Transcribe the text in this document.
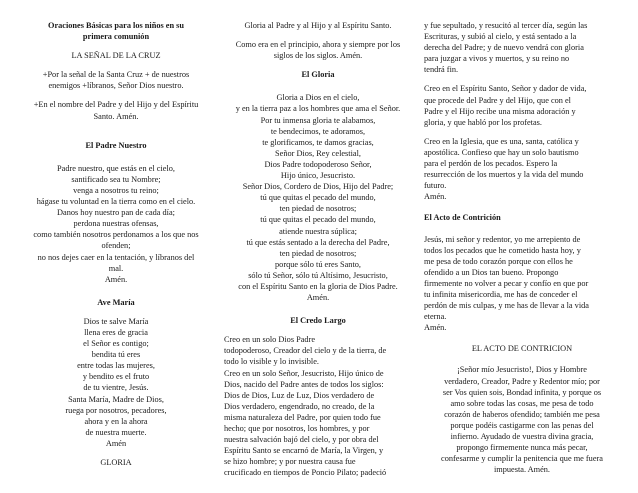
Oraciones Básicas para los niños en su
primera comunión
LA SEÑAL DE LA CRUZ
+Por la señal de la Santa Cruz + de nuestros
enemigos +líbranos, Señor Dios nuestro.
+En el nombre del Padre y del Hijo y del Espíritu
Santo. Amén.
El Padre Nuestro
Padre nuestro, que estás en el cielo,
santificado sea tu Nombre;
venga a nosotros tu reino;
hágase tu voluntad en la tierra como en el cielo.
Danos hoy nuestro pan de cada día;
perdona nuestras ofensas,
como también nosotros perdonamos a los que nos
ofenden;
no nos dejes caer en la tentación, y líbranos del
mal.
Amén.
Ave María
Dios te salve María
llena eres de gracia
el Señor es contigo;
bendita tú eres
entre todas las mujeres,
y bendito es el fruto
de tu vientre, Jesús.
Santa María, Madre de Dios,
ruega por nosotros, pecadores,
ahora y en la ahora
de nuestra muerte.
Amén
GLORIA
Gloria al Padre y al Hijo y al Espíritu Santo.
Como era en el principio, ahora y siempre por los
siglos de los siglos. Amén.
El Gloria
Gloria a Dios en el cielo,
y en la tierra paz a los hombres que ama el Señor.
Por tu inmensa gloria te alabamos,
te bendecimos, te adoramos,
te glorificamos, te damos gracias,
Señor Dios, Rey celestial,
Dios Padre todopoderoso Señor,
Hijo único, Jesucristo.
Señor Dios, Cordero de Dios, Hijo del Padre;
tú que quitas el pecado del mundo,
ten piedad de nosotros;
tú que quitas el pecado del mundo,
atiende nuestra súplica;
tú que estás sentado a la derecha del Padre,
ten piedad de nosotros;
porque sólo tú eres Santo,
sólo tú Señor, sólo tú Altísimo, Jesucristo,
con el Espíritu Santo en la gloria de Dios Padre.
Amén.
El Credo Largo
Creo en un solo Dios Padre
todopoderoso, Creador del cielo y de la tierra, de
todo lo visible y lo invisible.
Creo en un solo Señor, Jesucristo, Hijo único de
Dios, nacido del Padre antes de todos los siglos:
Dios de Dios, Luz de Luz, Dios verdadero de
Dios verdadero, engendrado, no creado, de la
misma naturaleza del Padre, por quien todo fue
hecho; que por nosotros, los hombres, y por
nuestra salvación bajó del cielo, y por obra del
Espíritu Santo se encarnó de María, la Virgen, y
se hizo hombre; y por nuestra causa fue
crucificado en tiempos de Poncio Pilato; padeció
y fue sepultado, y resucitó al tercer día, según las
Escrituras, y subió al cielo, y está sentado a la
derecha del Padre; y de nuevo vendrá con gloria
para juzgar a vivos y muertos, y su reino no
tendrá fin.
Creo en el Espíritu Santo, Señor y dador de vida,
que procede del Padre y del Hijo, que con el
Padre y el Hijo recibe una misma adoración y
gloria, y que habló por los profetas.
Creo en la Iglesia, que es una, santa, católica y
apostólica. Confieso que hay un solo bautismo
para el perdón de los pecados. Espero la
resurrección de los muertos y la vida del mundo
futuro.
Amén.
El Acto de Contrición
Jesús, mi señor y redentor, yo me arrepiento de
todos los pecados que he cometido hasta hoy, y
me pesa de todo corazón porque con ellos he
ofendido a un Dios tan bueno. Propongo
firmemente no volver a pecar y confío en que por
tu infinita misericordia, me has de conceder el
perdón de mis culpas, y me has de llevar a la vida
eterna.
Amén.
EL ACTO DE CONTRICION
¡Señor mío Jesucristo!, Dios y Hombre
verdadero, Creador, Padre y Redentor mío; por
ser Vos quien sois, Bondad infinita, y porque os
amo sobre todas las cosas, me pesa de todo
corazón de haberos ofendido; también me pesa
porque podéis castigarme con las penas del
infierno. Ayudado de vuestra divina gracia,
propongo firmemente nunca más pecar,
confesarme y cumplir la penitencia que me fuera
impuesta. Amén.
